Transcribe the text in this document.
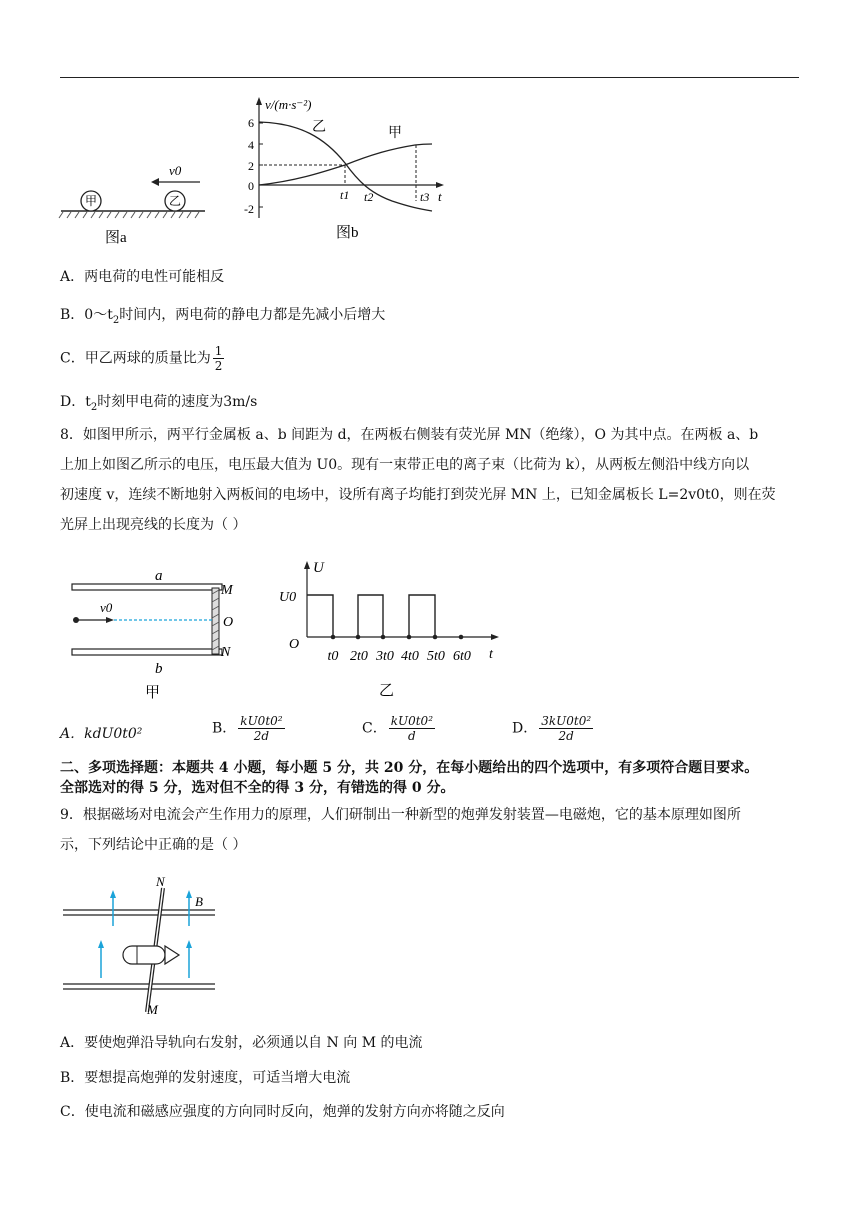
甲	乙
v0
图a
v/(m·s⁻²)
t
6
4
2
0
-2
乙	甲
t1 t2	t3
图b
A．两电荷的电性可能相反
B．$0\sim t_2$时间内，两电荷的静电力都是先减小后增大
C．甲乙两球的质量比为 $\frac{1}{2}$
D．$t_2$时刻甲电荷的速度为3m/s
8．如图甲所示，两平行金属板 a、b 间距为 d，在两板右侧装有荧光屏 MN（绝缘），O 为其中点。在两板 a、b
上加上如图乙所示的电压，电压最大值为 U0。现有一束带正电的离子束（比荷为 k），从两板左侧沿中线方向以
初速度 v，连续不断地射入两板间的电场中，设所有离子均能打到荧光屏 MN 上，已知金属板长 L=2v0t0，则在荧
光屏上出现亮线的长度为（ ）
a
v0
M
O
N
b
甲
U
t
U0
O
t0 2t0 3t0 4t0 5t0 6t0
乙
A．kdU0t0²	B． $\frac{\text{kU0t0²}}{2d}$	C． $\frac{\text{kU0t0²}}{d}$	D． $\frac{\text{3kU0t0²}}{2d}$
二、多项选择题：本题共 4 小题，每小题 5 分，共 20 分，在每小题给出的四个选项中，有多项符合题目要求。
全部选对的得 5 分，选对但不全的得 3 分，有错选的得 0 分。
9．根据磁场对电流会产生作用力的原理，人们研制出一种新型的炮弹发射装置—电磁炮，它的基本原理如图所
示，下列结论中正确的是（ ）
N
B
M
A．要使炮弹沿导轨向右发射，必须通以自 N 向 M 的电流
B．要想提高炮弹的发射速度，可适当增大电流
C．使电流和磁感应强度的方向同时反向，炮弹的发射方向亦将随之反向
